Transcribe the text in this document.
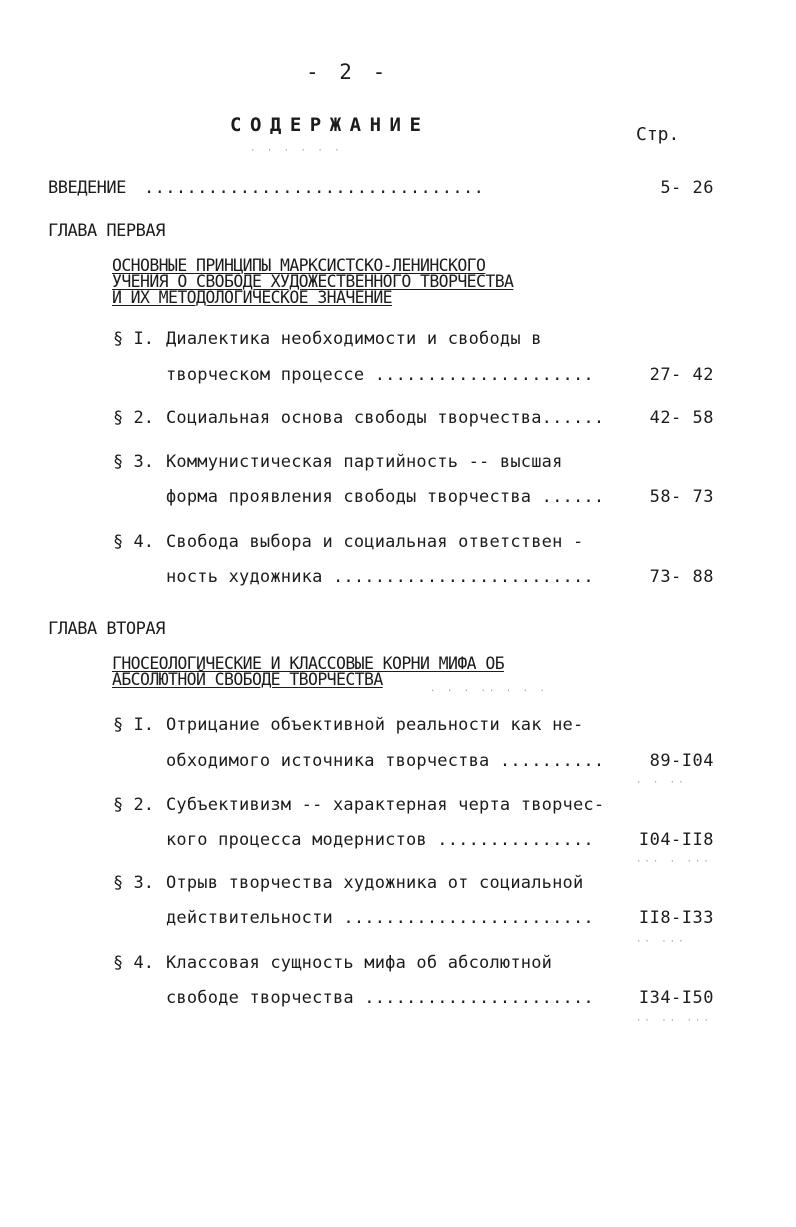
- 2 -
СОДЕРЖАНИЕ	Стр.
· · · · · ·
ВВЕДЕНИЕ ................................	5- 26
ГЛАВА ПЕРВАЯ
ОСНОВНЫЕ ПРИНЦИПЫ МАРКСИСТСКО-ЛЕНИНСКОГО
УЧЕНИЯ О СВОБОДЕ ХУДОЖЕСТВЕННОГО ТВОРЧЕСТВА
И ИХ МЕТОДОЛОГИЧЕСКОЕ ЗНАЧЕНИЕ
§ I. Диалектика необходимости и свободы в
творческом процессе .....................	27- 42
§ 2. Социальная основа свободы творчества......	42- 58
§ 3. Коммунистическая партийность -- высшая
форма проявления свободы творчества ......	58- 73
§ 4. Свобода выбора и социальная ответствен -
ность художника .........................	73- 88
ГЛАВА ВТОРАЯ
ГНОСЕОЛОГИЧЕСКИЕ И КЛАССОВЫЕ КОРНИ МИФА ОБ
АБСОЛЮТНОЙ СВОБОДЕ ТВОРЧЕСТВА	. . . .. . . .
§ I. Отрицание объективной реальности как не-
обходимого источника творчества ..........	89-I04
§ 2. Субъективизм -- характерная черта творчес-
кого процесса модернистов ...............	I04-II8
§ 3. Отрыв творчества художника от социальной
действительности ........................	II8-I33
§ 4. Классовая сущность мифа об абсолютной
свободе творчества ......................	I34-I50
· · ··
··· · ···
·· ···
·· ·· ···
